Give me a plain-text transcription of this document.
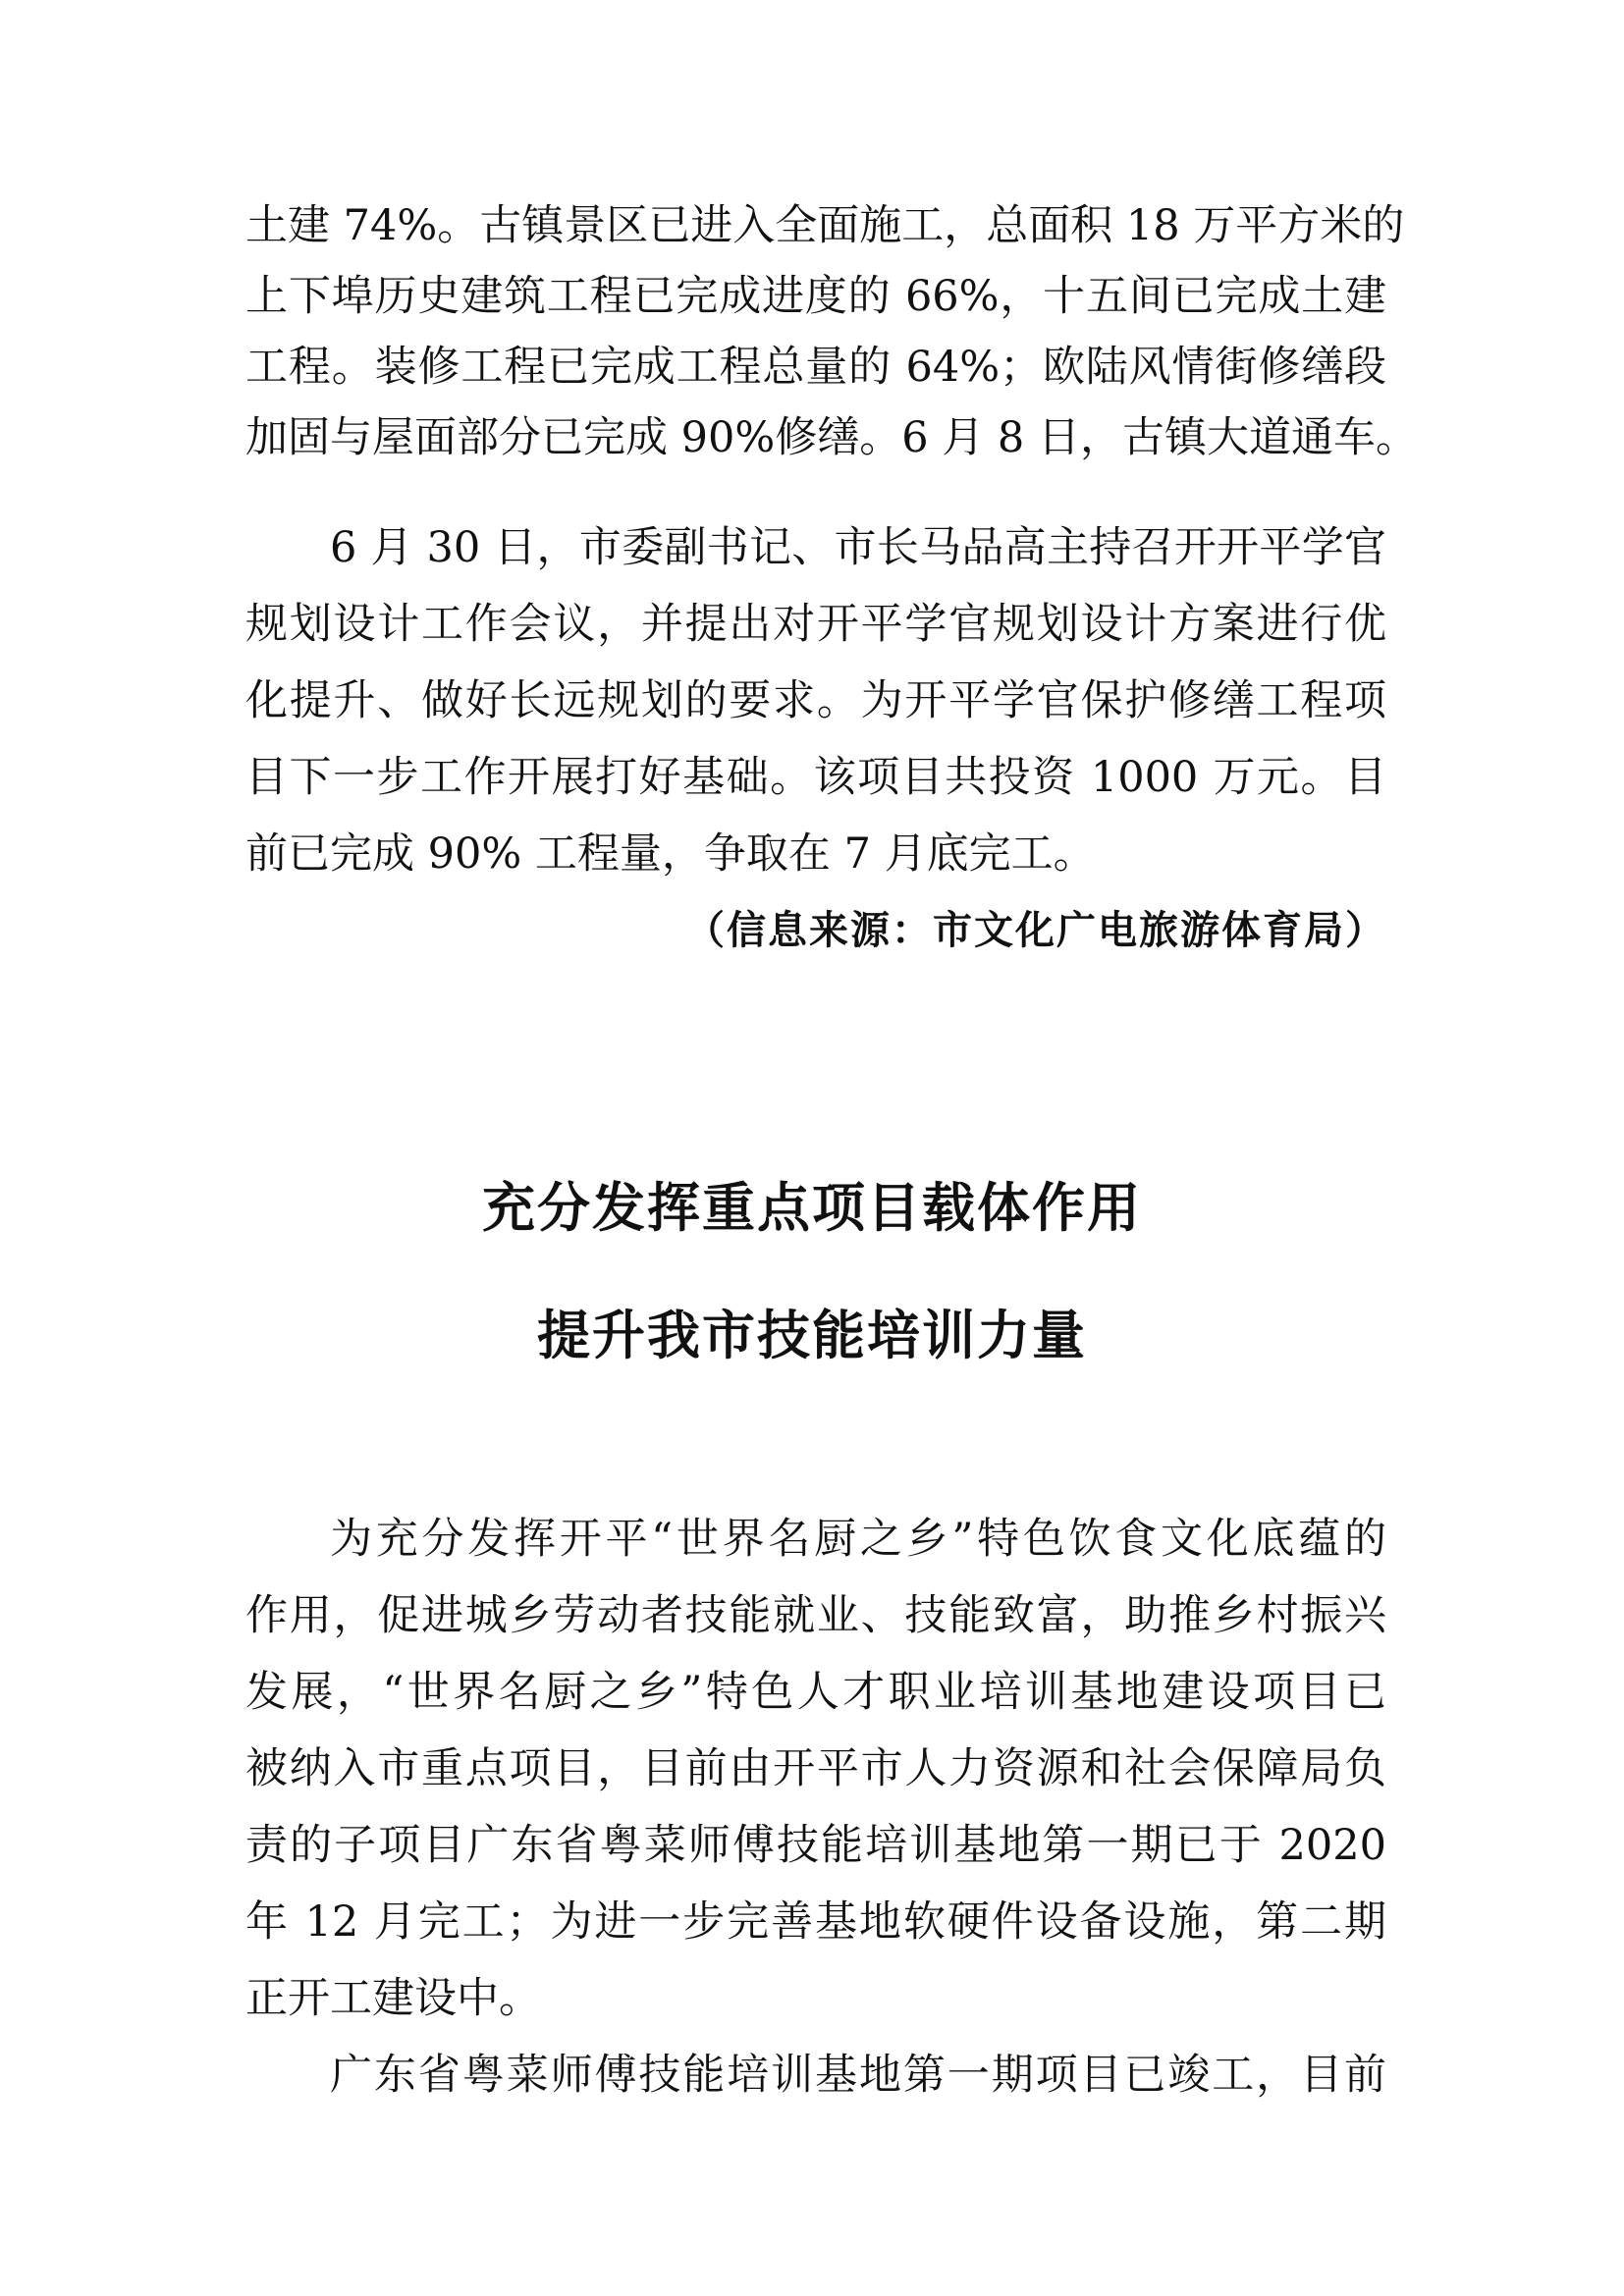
土建 74%。古镇景区已进入全面施工，总面积 18 万平方米的
上下埠历史建筑工程已完成进度的 66%，十五间已完成土建
工程。装修工程已完成工程总量的 64%；欧陆风情街修缮段
加固与屋面部分已完成 90%修缮。6 月 8 日，古镇大道通车。
6 月 30 日，市委副书记、市长马品高主持召开开平学官
规划设计工作会议，并提出对开平学官规划设计方案进行优
化提升、做好长远规划的要求。为开平学官保护修缮工程项
目下一步工作开展打好基础。该项目共投资 1000 万元。目
前已完成 90% 工程量，争取在 7 月底完工。
（信息来源：市文化广电旅游体育局）
充分发挥重点项目载体作用
提升我市技能培训力量
为充分发挥开平“世界名厨之乡”特色饮食文化底蕴的
作用，促进城乡劳动者技能就业、技能致富，助推乡村振兴
发展，“世界名厨之乡”特色人才职业培训基地建设项目已
被纳入市重点项目，目前由开平市人力资源和社会保障局负
责的子项目广东省粤菜师傅技能培训基地第一期已于 2020
年 12 月完工；为进一步完善基地软硬件设备设施，第二期
正开工建设中。
广东省粤菜师傅技能培训基地第一期项目已竣工，目前
